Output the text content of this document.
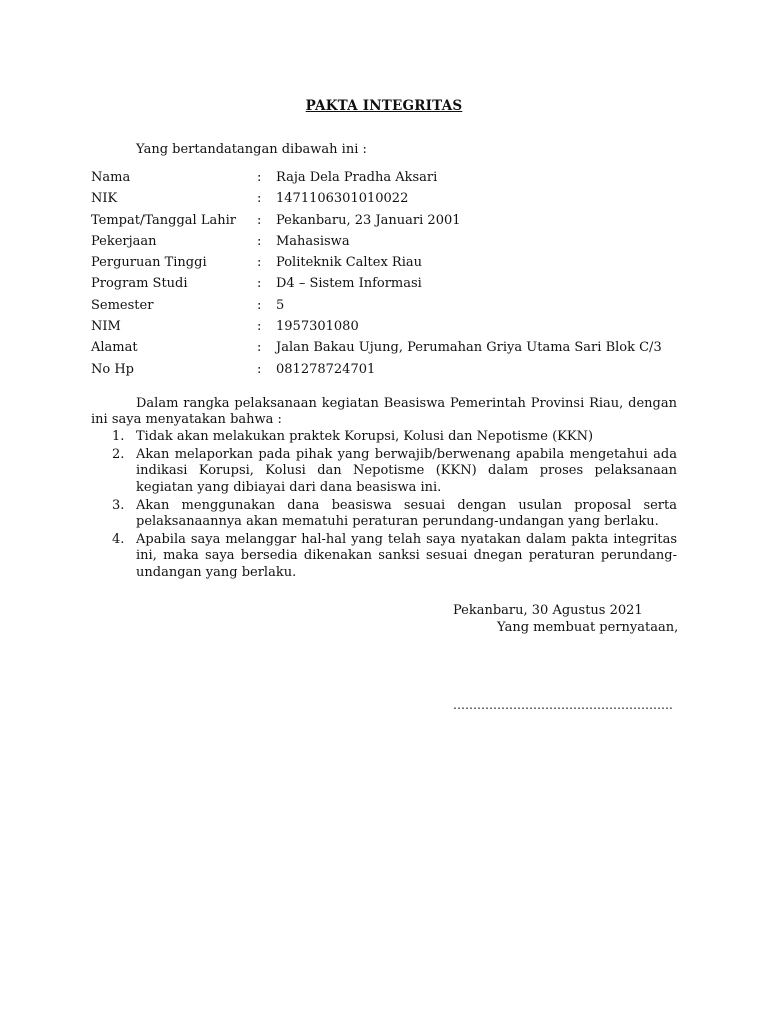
PAKTA INTEGRITAS
Yang bertandatangan dibawah ini :
Nama	: Raja Dela Pradha Aksari
NIK	: 1471106301010022
Tempat/Tanggal Lahir : Pekanbaru, 23 Januari 2001
Pekerjaan	: Mahasiswa
Perguruan Tinggi	: Politeknik Caltex Riau
Program Studi	: D4 – Sistem Informasi
Semester	: 5
NIM	: 1957301080
Alamat	: Jalan Bakau Ujung, Perumahan Griya Utama Sari Blok C/3
No Hp	: 081278724701
Dalam rangka pelaksanaan kegiatan Beasiswa Pemerintah Provinsi Riau, dengan ini saya menyatakan bahwa :
1. Tidak akan melakukan praktek Korupsi, Kolusi dan Nepotisme (KKN)
2. Akan melaporkan pada pihak yang berwajib/berwenang apabila mengetahui ada indikasi Korupsi, Kolusi dan Nepotisme (KKN) dalam proses pelaksanaan kegiatan yang dibiayai dari dana beasiswa ini.
3. Akan menggunakan dana beasiswa sesuai dengan usulan proposal serta pelaksanaannya akan mematuhi peraturan perundang-undangan yang berlaku.
4. Apabila saya melanggar hal-hal yang telah saya nyatakan dalam pakta integritas ini, maka saya bersedia dikenakan sanksi sesuai dnegan peraturan perundang-undangan yang berlaku.
Pekanbaru, 30 Agustus 2021
Yang membuat pernyataan,
……………………………………………….
